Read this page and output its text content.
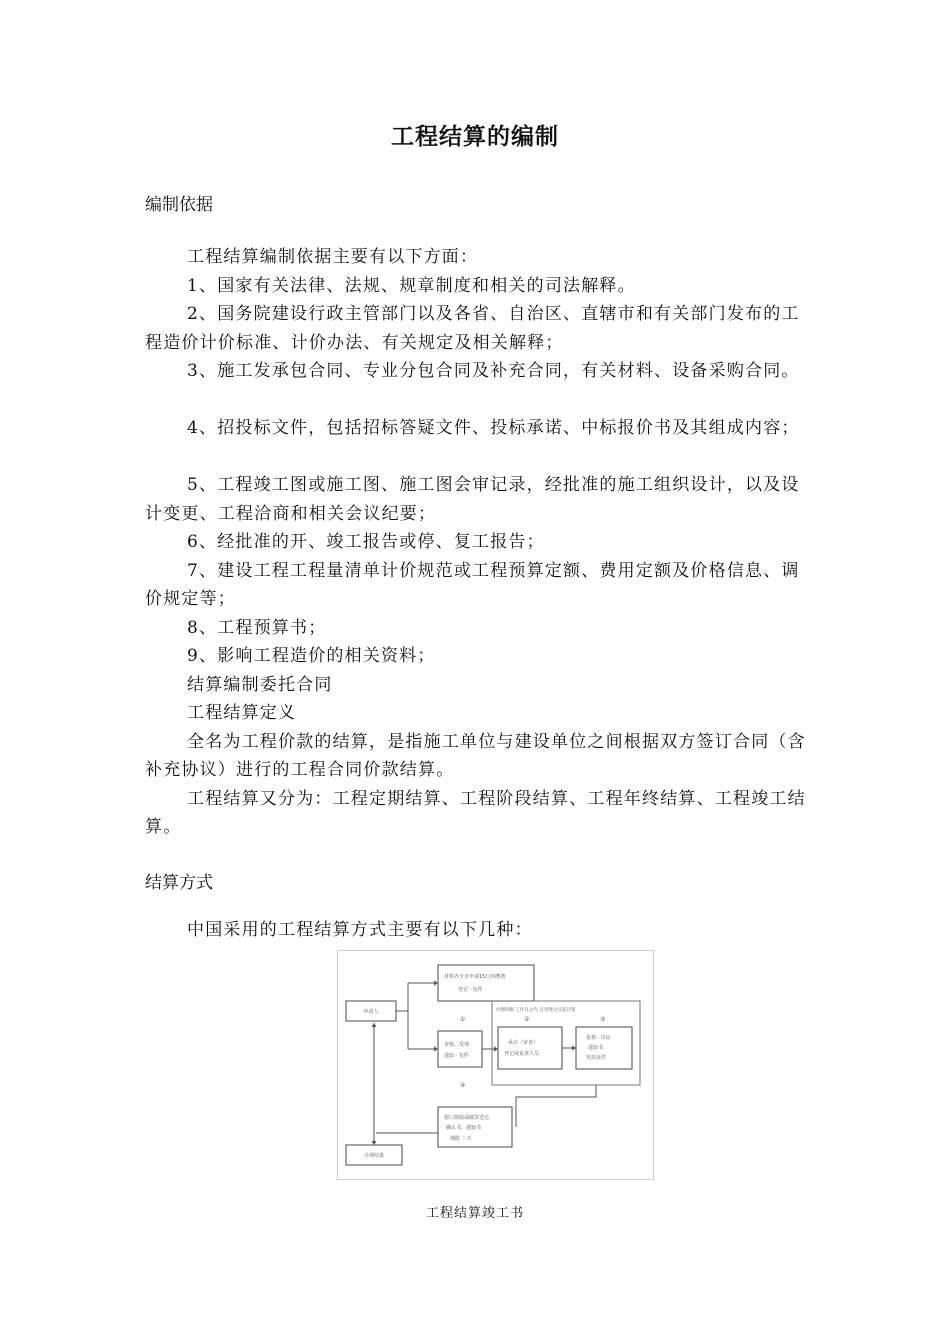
工程结算的编制
编制依据

工程结算编制依据主要有以下方面：

1、国家有关法律、法规、规章制度和相关的司法解释。

2、国务院建设行政主管部门以及各省、自治区、直辖市和有关部门发布的工程造价计价标准、计价办法、有关规定及相关解释；

3、施工发承包合同、专业分包合同及补充合同，有关材料、设备采购合同。

4、招投标文件，包括招标答疑文件、投标承诺、中标报价书及其组成内容；

5、工程竣工图或施工图、施工图会审记录，经批准的施工组织设计，以及设计变更、工程洽商和相关会议纪要；

6、经批准的开、竣工报告或停、复工报告；

7、建设工程工程量清单计价规范或工程预算定额、费用定额及价格信息、调价规定等；

8、工程预算书；

9、影响工程造价的相关资料；

结算编制委托合同

工程结算定义

全名为工程价款的结算，是指施工单位与建设单位之间根据双方签订合同（含补充协议）进行的工程合同价款结算。

工程结算又分为：工程定期结算、工程阶段结算、工程年终结算、工程竣工结算。

结算方式

中国采用的工程结算方式主要有以下几种：

申请人
材料齐全日申请15日内缴费
登记 · 发件
审核、受理
通知 · 发件
办理时限 工作日之内 自受理之日起计算
承办（审查）
登记或复查人员
复核 · 出证
通知书
发放证件
窗口领取或邮寄送达
确认书、通知书
期限 三天
办理结果
①	②	③
④
工程结算竣工书
